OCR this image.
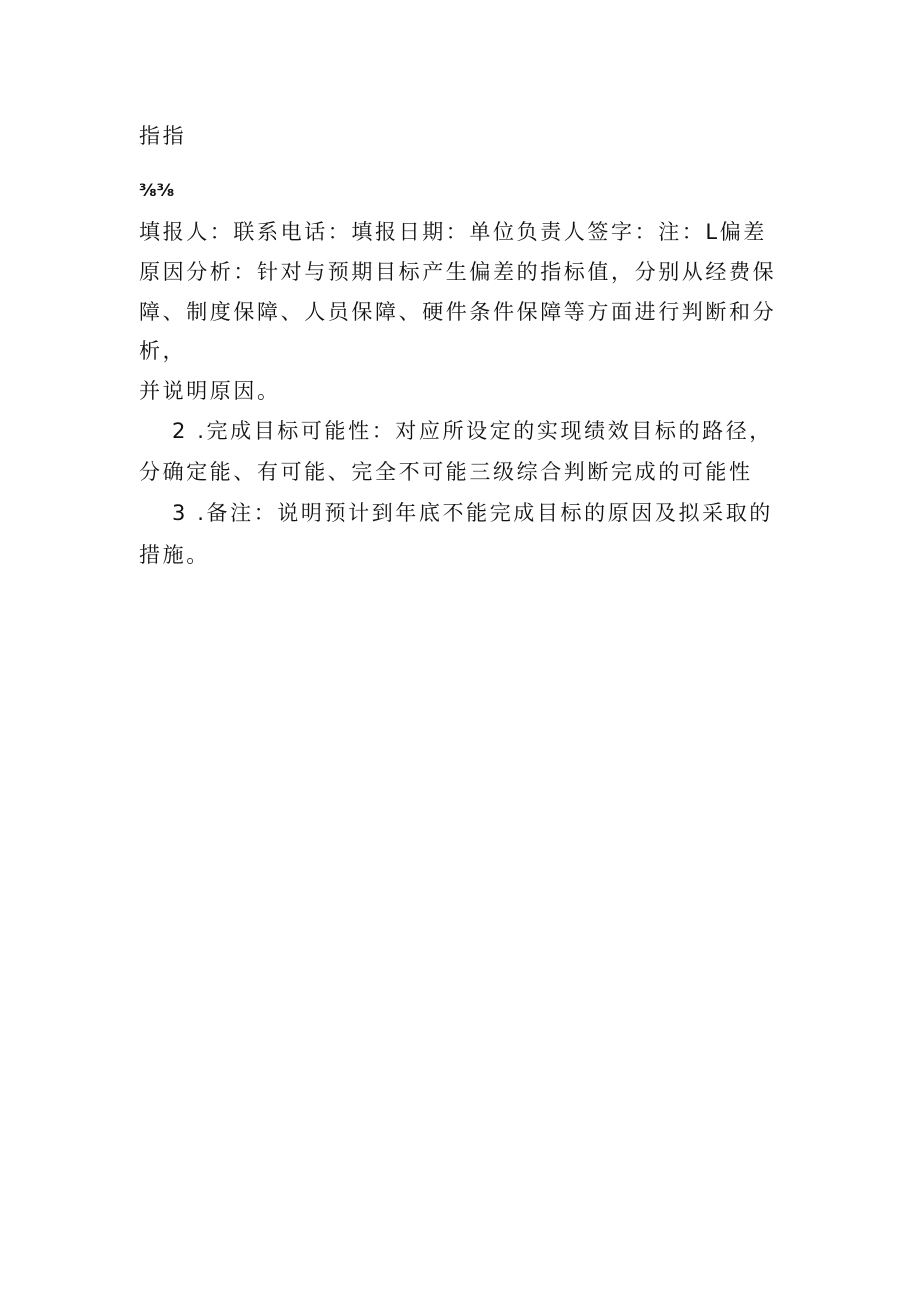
指指
⅜⅜
填报人：联系电话：填报日期：单位负责人签字：注：L偏差
原因分析：针对与预期目标产生偏差的指标值，分别从经费保
障、制度保障、人员保障、硬件条件保障等方面进行判断和分
析，
并说明原因。
2 .完成目标可能性：对应所设定的实现绩效目标的路径，
分确定能、有可能、完全不可能三级综合判断完成的可能性
3 .备注：说明预计到年底不能完成目标的原因及拟采取的
措施。
